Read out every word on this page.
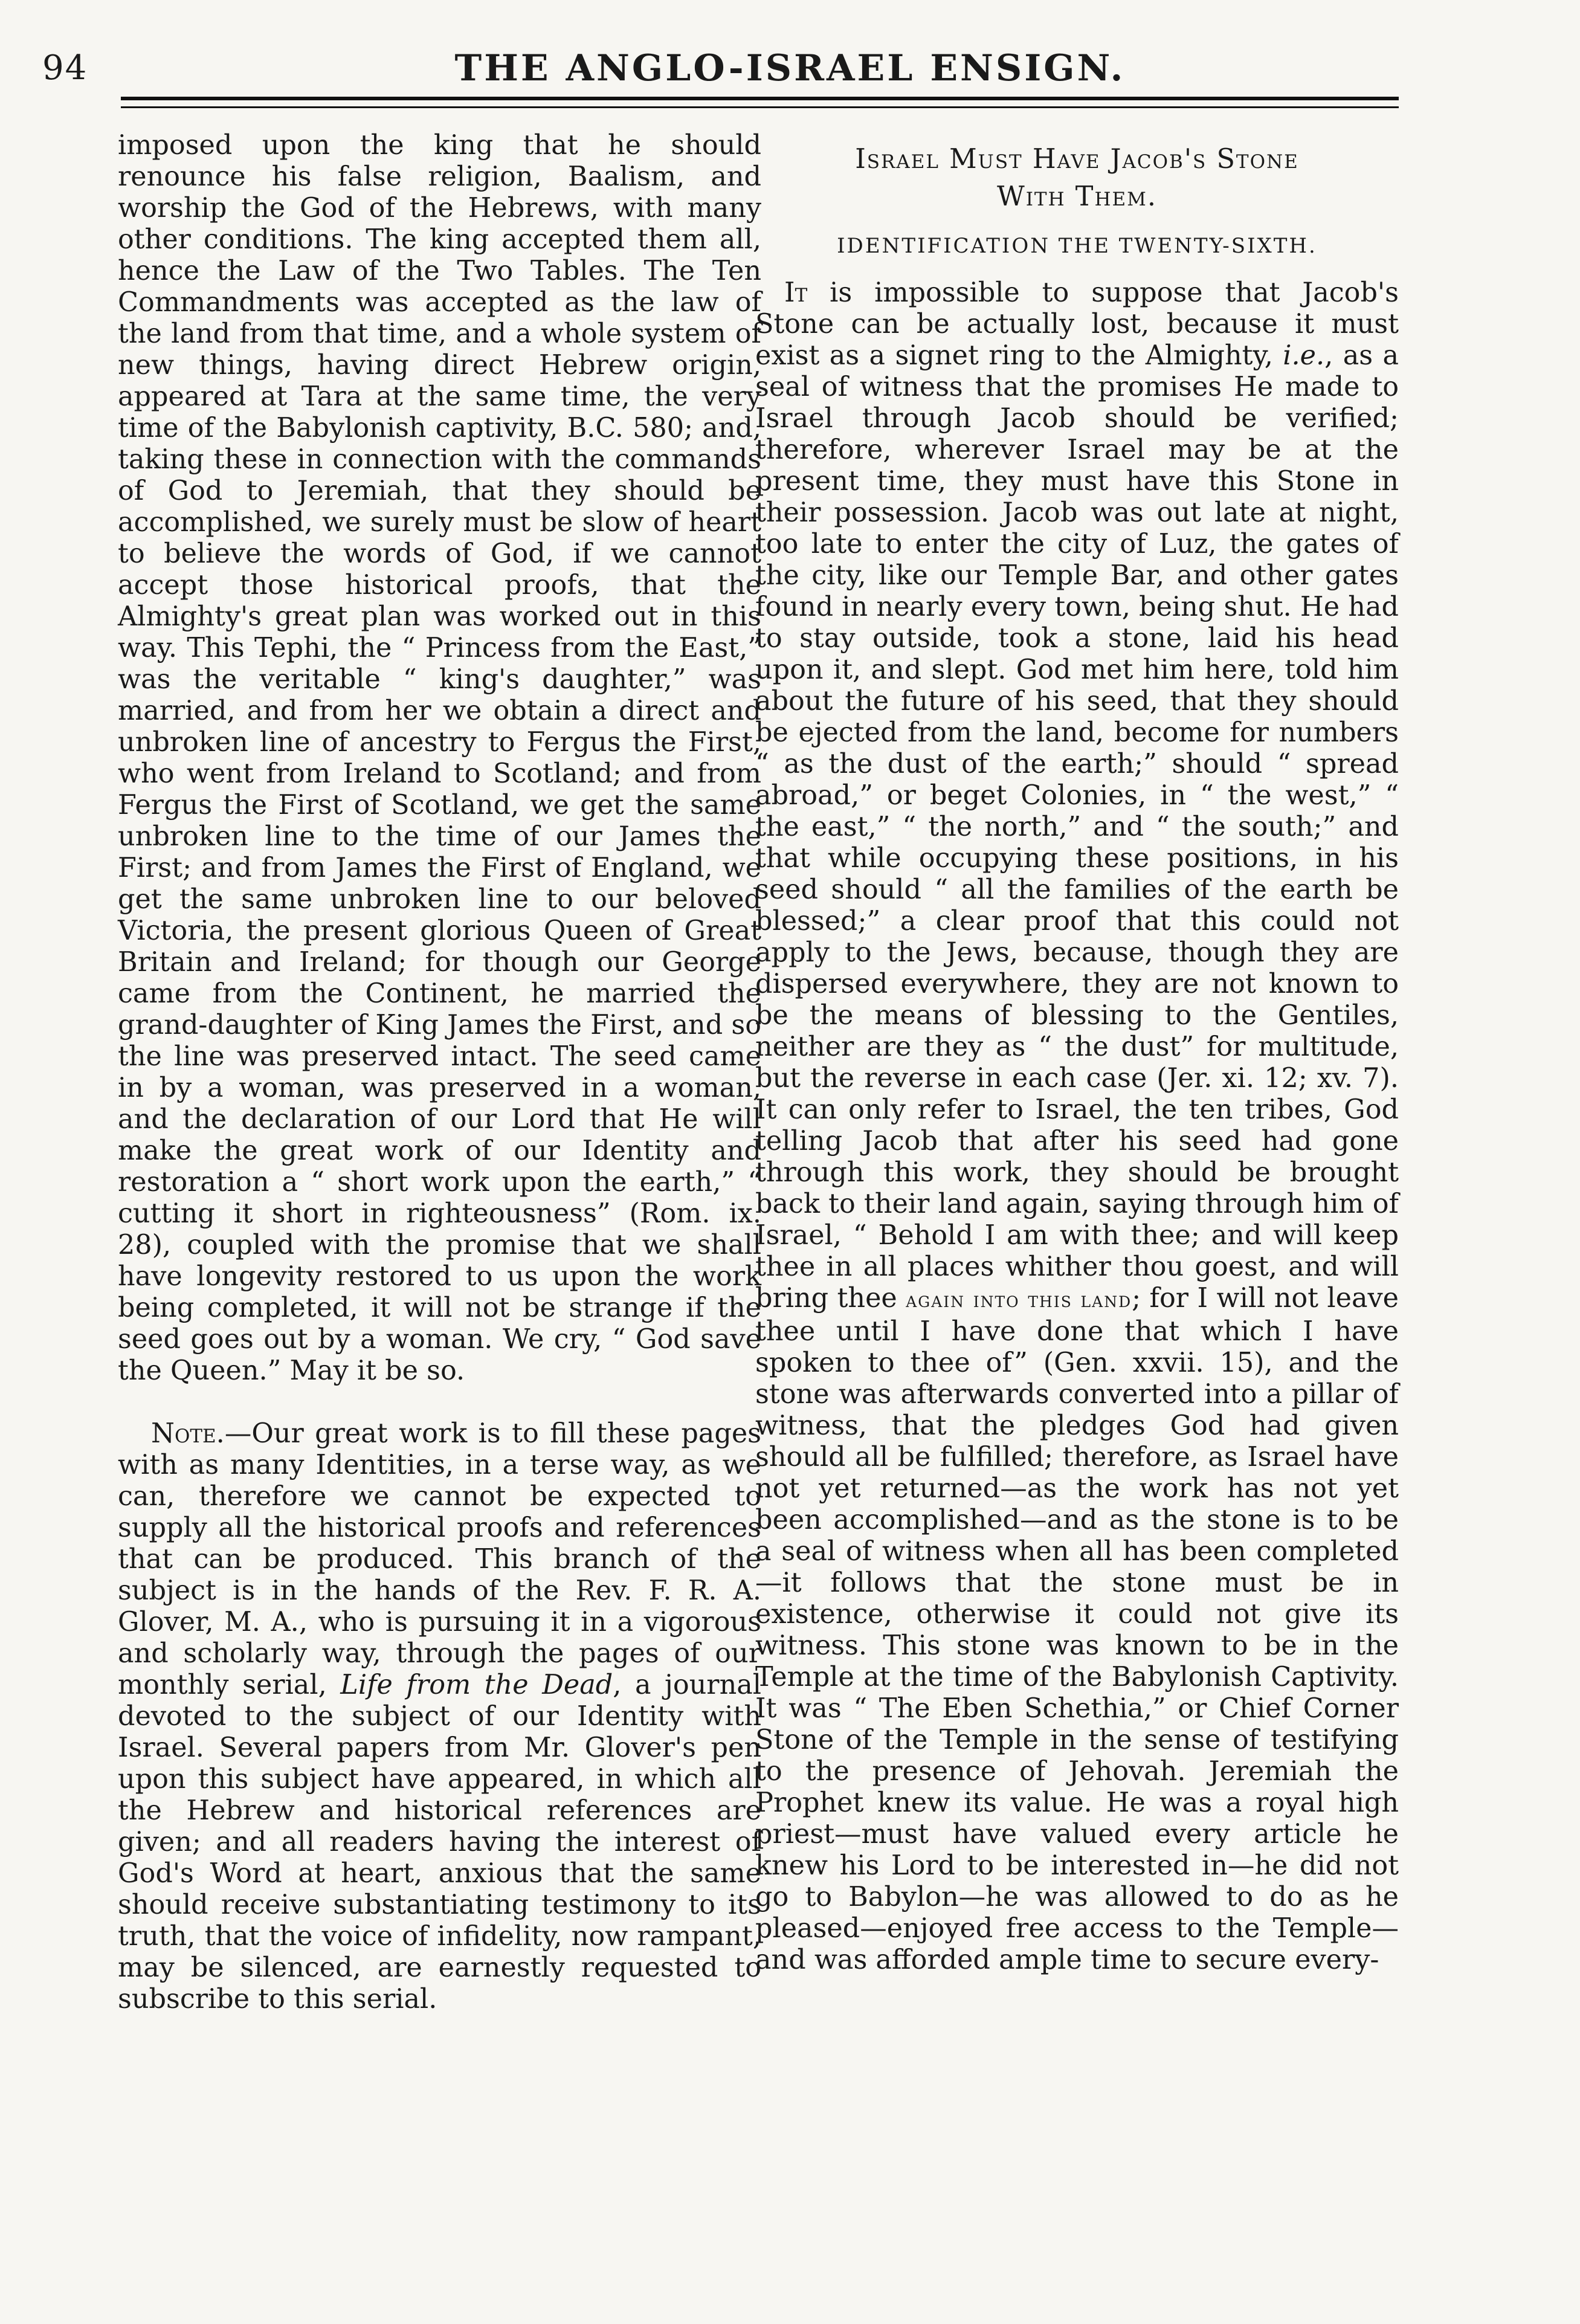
94	THE ANGLO-ISRAEL ENSIGN.

imposed upon the king that he should renounce his false religion, Baalism, and worship the God of the Hebrews, with many other conditions. The king accepted them all, hence the Law of the Two Tables. The Ten Commandments was accepted as the law of the land from that time, and a whole system of new things, having direct Hebrew origin, appeared at Tara at the same time, the very time of the Babylonish captivity, B.C. 580; and, taking these in connection with the commands of God to Jeremiah, that they should be accomplished, we surely must be slow of heart to believe the words of God, if we cannot accept those historical proofs, that the Almighty's great plan was worked out in this way. This Tephi, the “ Princess from the East,” was the veritable “ king's daughter,” was married, and from her we obtain a direct and unbroken line of ancestry to Fergus the First, who went from Ireland to Scotland; and from Fergus the First of Scotland, we get the same unbroken line to the time of our James the First; and from James the First of England, we get the same unbroken line to our beloved Victoria, the present glorious Queen of Great Britain and Ireland; for though our George came from the Continent, he married the grand-daughter of King James the First, and so the line was preserved intact. The seed came in by a woman, was preserved in a woman, and the declaration of our Lord that He will make the great work of our Identity and restoration a “ short work upon the earth,” “ cutting it short in righteousness” (Rom. ix. 28), coupled with the promise that we shall have longevity restored to us upon the work being completed, it will not be strange if the seed goes out by a woman. We cry, “ God save the Queen.” May it be so.

Note.—Our great work is to fill these pages with as many Identities, in a terse way, as we can, therefore we cannot be expected to supply all the historical proofs and references that can be produced. This branch of the subject is in the hands of the Rev. F. R. A. Glover, M. A., who is pursuing it in a vigorous and scholarly way, through the pages of our monthly serial, Life from the Dead, a journal devoted to the subject of our Identity with Israel. Several papers from Mr. Glover's pen upon this subject have appeared, in which all the Hebrew and historical references are given; and all readers having the interest of God's Word at heart, anxious that the same should receive substantiating testimony to its truth, that the voice of infidelity, now rampant, may be silenced, are earnestly requested to subscribe to this serial.

Israel Must Have Jacob's Stone
With Them.
IDENTIFICATION THE TWENTY-SIXTH.

It is impossible to suppose that Jacob's Stone can be actually lost, because it must exist as a signet ring to the Almighty, i.e., as a seal of witness that the promises He made to Israel through Jacob should be verified; therefore, wherever Israel may be at the present time, they must have this Stone in their possession. Jacob was out late at night, too late to enter the city of Luz, the gates of the city, like our Temple Bar, and other gates found in nearly every town, being shut. He had to stay outside, took a stone, laid his head upon it, and slept. God met him here, told him about the future of his seed, that they should be ejected from the land, become for numbers “ as the dust of the earth;” should “ spread abroad,” or beget Colonies, in “ the west,” “ the east,” “ the north,” and “ the south;” and that while occupying these positions, in his seed should “ all the families of the earth be blessed;” a clear proof that this could not apply to the Jews, because, though they are dispersed everywhere, they are not known to be the means of blessing to the Gentiles, neither are they as “ the dust” for multitude, but the reverse in each case (Jer. xi. 12; xv. 7). It can only refer to Israel, the ten tribes, God telling Jacob that after his seed had gone through this work, they should be brought back to their land again, saying through him of Israel, “ Behold I am with thee; and will keep thee in all places whither thou goest, and will bring thee again into this land; for I will not leave thee until I have done that which I have spoken to thee of” (Gen. xxvii. 15), and the stone was afterwards converted into a pillar of witness, that the pledges God had given should all be fulfilled; therefore, as Israel have not yet returned—as the work has not yet been accomplished—and as the stone is to be a seal of witness when all has been completed—it follows that the stone must be in existence, otherwise it could not give its witness. This stone was known to be in the Temple at the time of the Babylonish Captivity. It was “ The Eben Schethia,” or Chief Corner Stone of the Temple in the sense of testifying to the presence of Jehovah. Jeremiah the Prophet knew its value. He was a royal high priest—must have valued every article he knew his Lord to be interested in—he did not go to Babylon—he was allowed to do as he pleased—enjoyed free access to the Temple—and was afforded ample time to secure every-
